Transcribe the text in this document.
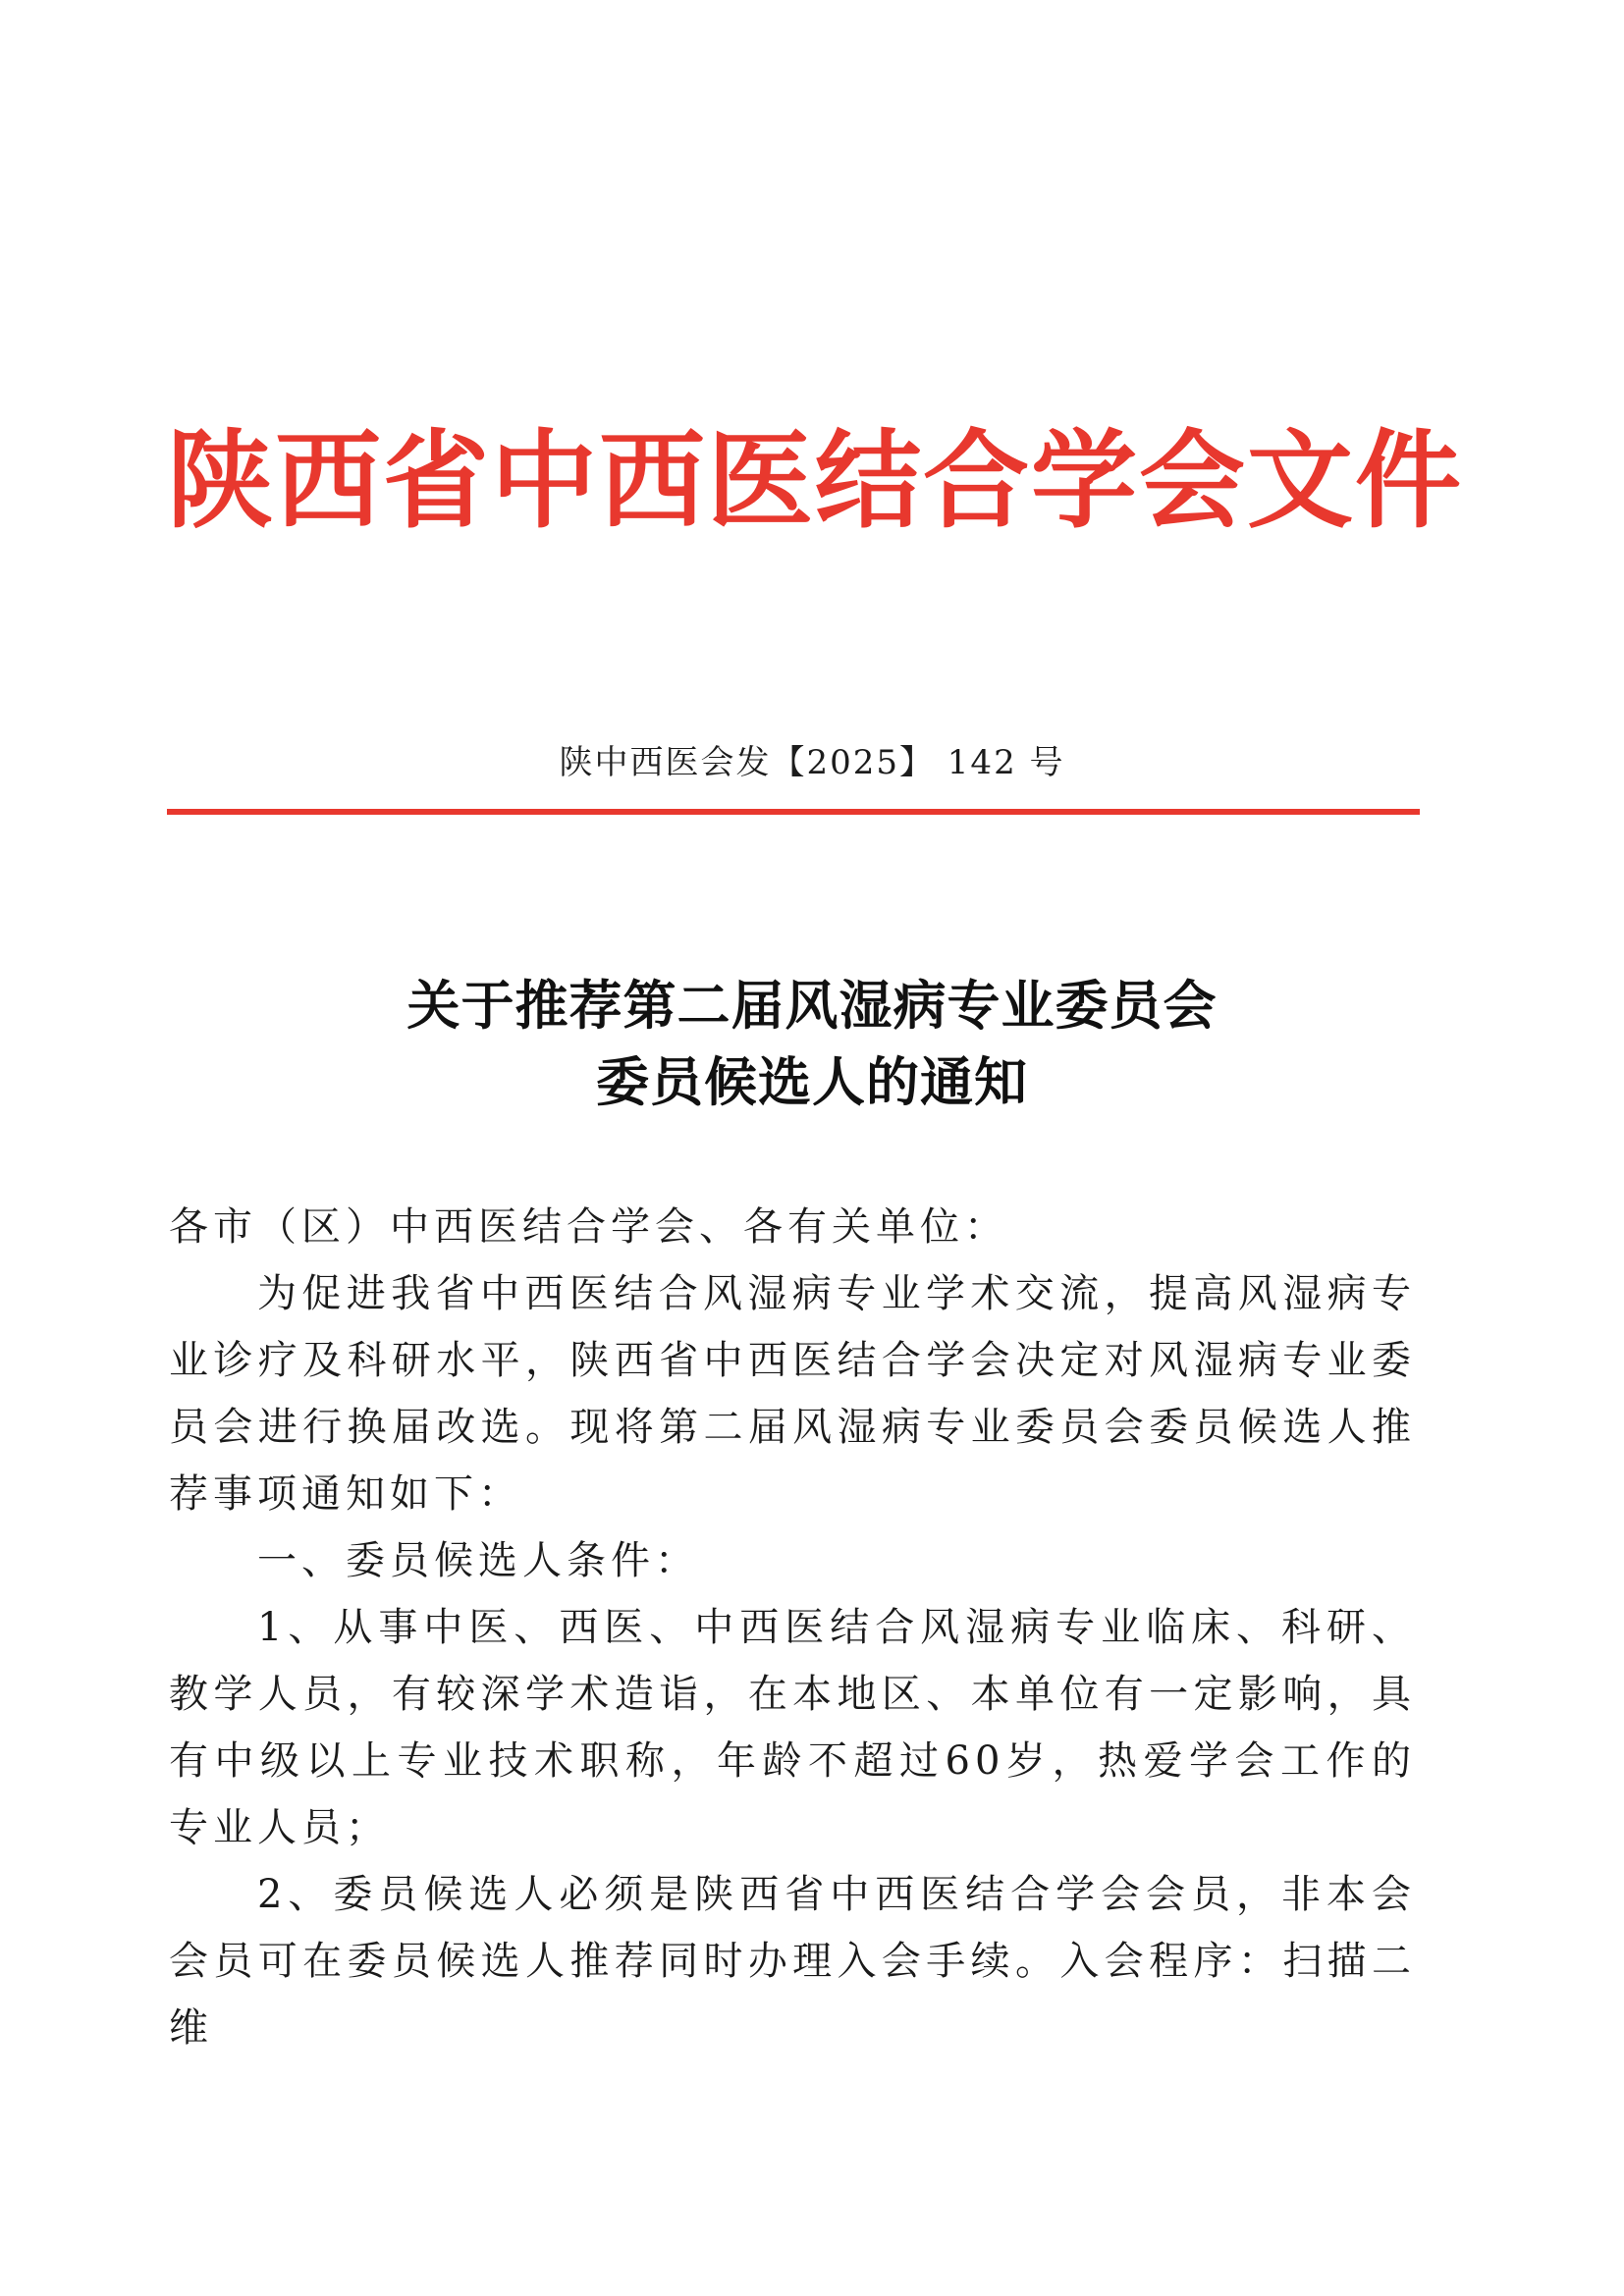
陕西省中西医结合学会文件
陕中西医会发【2025】 142 号
关于推荐第二届风湿病专业委员会
委员候选人的通知

各市（区）中西医结合学会、各有关单位：

为促进我省中西医结合风湿病专业学术交流，提高风湿病专业诊疗及科研水平，陕西省中西医结合学会决定对风湿病专业委员会进行换届改选。现将第二届风湿病专业委员会委员候选人推荐事项通知如下：

一、委员候选人条件：

1、从事中医、西医、中西医结合风湿病专业临床、科研、教学人员，有较深学术造诣，在本地区、本单位有一定影响，具有中级以上专业技术职称，年龄不超过60岁，热爱学会工作的专业人员；

2、委员候选人必须是陕西省中西医结合学会会员，非本会会员可在委员候选人推荐同时办理入会手续。入会程序：扫描二维
